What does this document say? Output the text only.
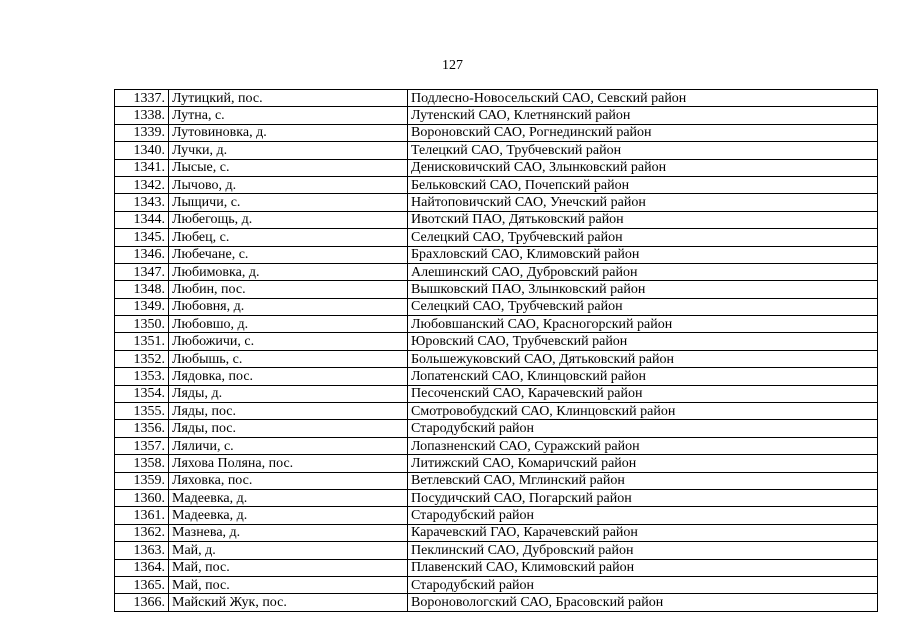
127
1337.	Лутицкий, пос.	Подлесно-Новосельский САО, Севский район
1338.	Лутна, с.	Лутенский САО, Клетнянский район
1339.	Лутовиновка, д.	Вороновский САО, Рогнединский район
1340.	Лучки, д.	Телецкий САО, Трубчевский район
1341.	Лысые, с.	Денисковичский САО, Злынковский район
1342.	Лычово, д.	Бельковский САО, Почепский район
1343.	Лыщичи, с.	Найтоповичский САО, Унечский район
1344.	Любегощь, д.	Ивотский ПАО, Дятьковский район
1345.	Любец, с.	Селецкий САО, Трубчевский район
1346.	Любечане, с.	Брахловский САО, Климовский район
1347.	Любимовка, д.	Алешинский САО, Дубровский район
1348.	Любин, пос.	Вышковский ПАО, Злынковский район
1349.	Любовня, д.	Селецкий САО, Трубчевский район
1350.	Любовшо, д.	Любовшанский САО, Красногорский район
1351.	Любожичи, с.	Юровский САО, Трубчевский район
1352.	Любышь, с.	Большежуковский САО, Дятьковский район
1353.	Лядовка, пос.	Лопатенский САО, Клинцовский район
1354.	Ляды, д.	Песоченский САО, Карачевский район
1355.	Ляды, пос.	Смотровобудский САО, Клинцовский район
1356.	Ляды, пос.	Стародубский район
1357.	Ляличи, с.	Лопазненский САО, Суражский район
1358.	Ляхова Поляна, пос.	Литижский САО, Комаричский район
1359.	Ляховка, пос.	Ветлевский САО, Мглинский район
1360.	Мадеевка, д.	Посудичский САО, Погарский район
1361.	Мадеевка, д.	Стародубский район
1362.	Мазнева, д.	Карачевский ГАО, Карачевский район
1363.	Май, д.	Пеклинский САО, Дубровский район
1364.	Май, пос.	Плавенский САО, Климовский район
1365.	Май, пос.	Стародубский район
1366.	Майский Жук, пос.	Вороновологский САО, Брасовский район
